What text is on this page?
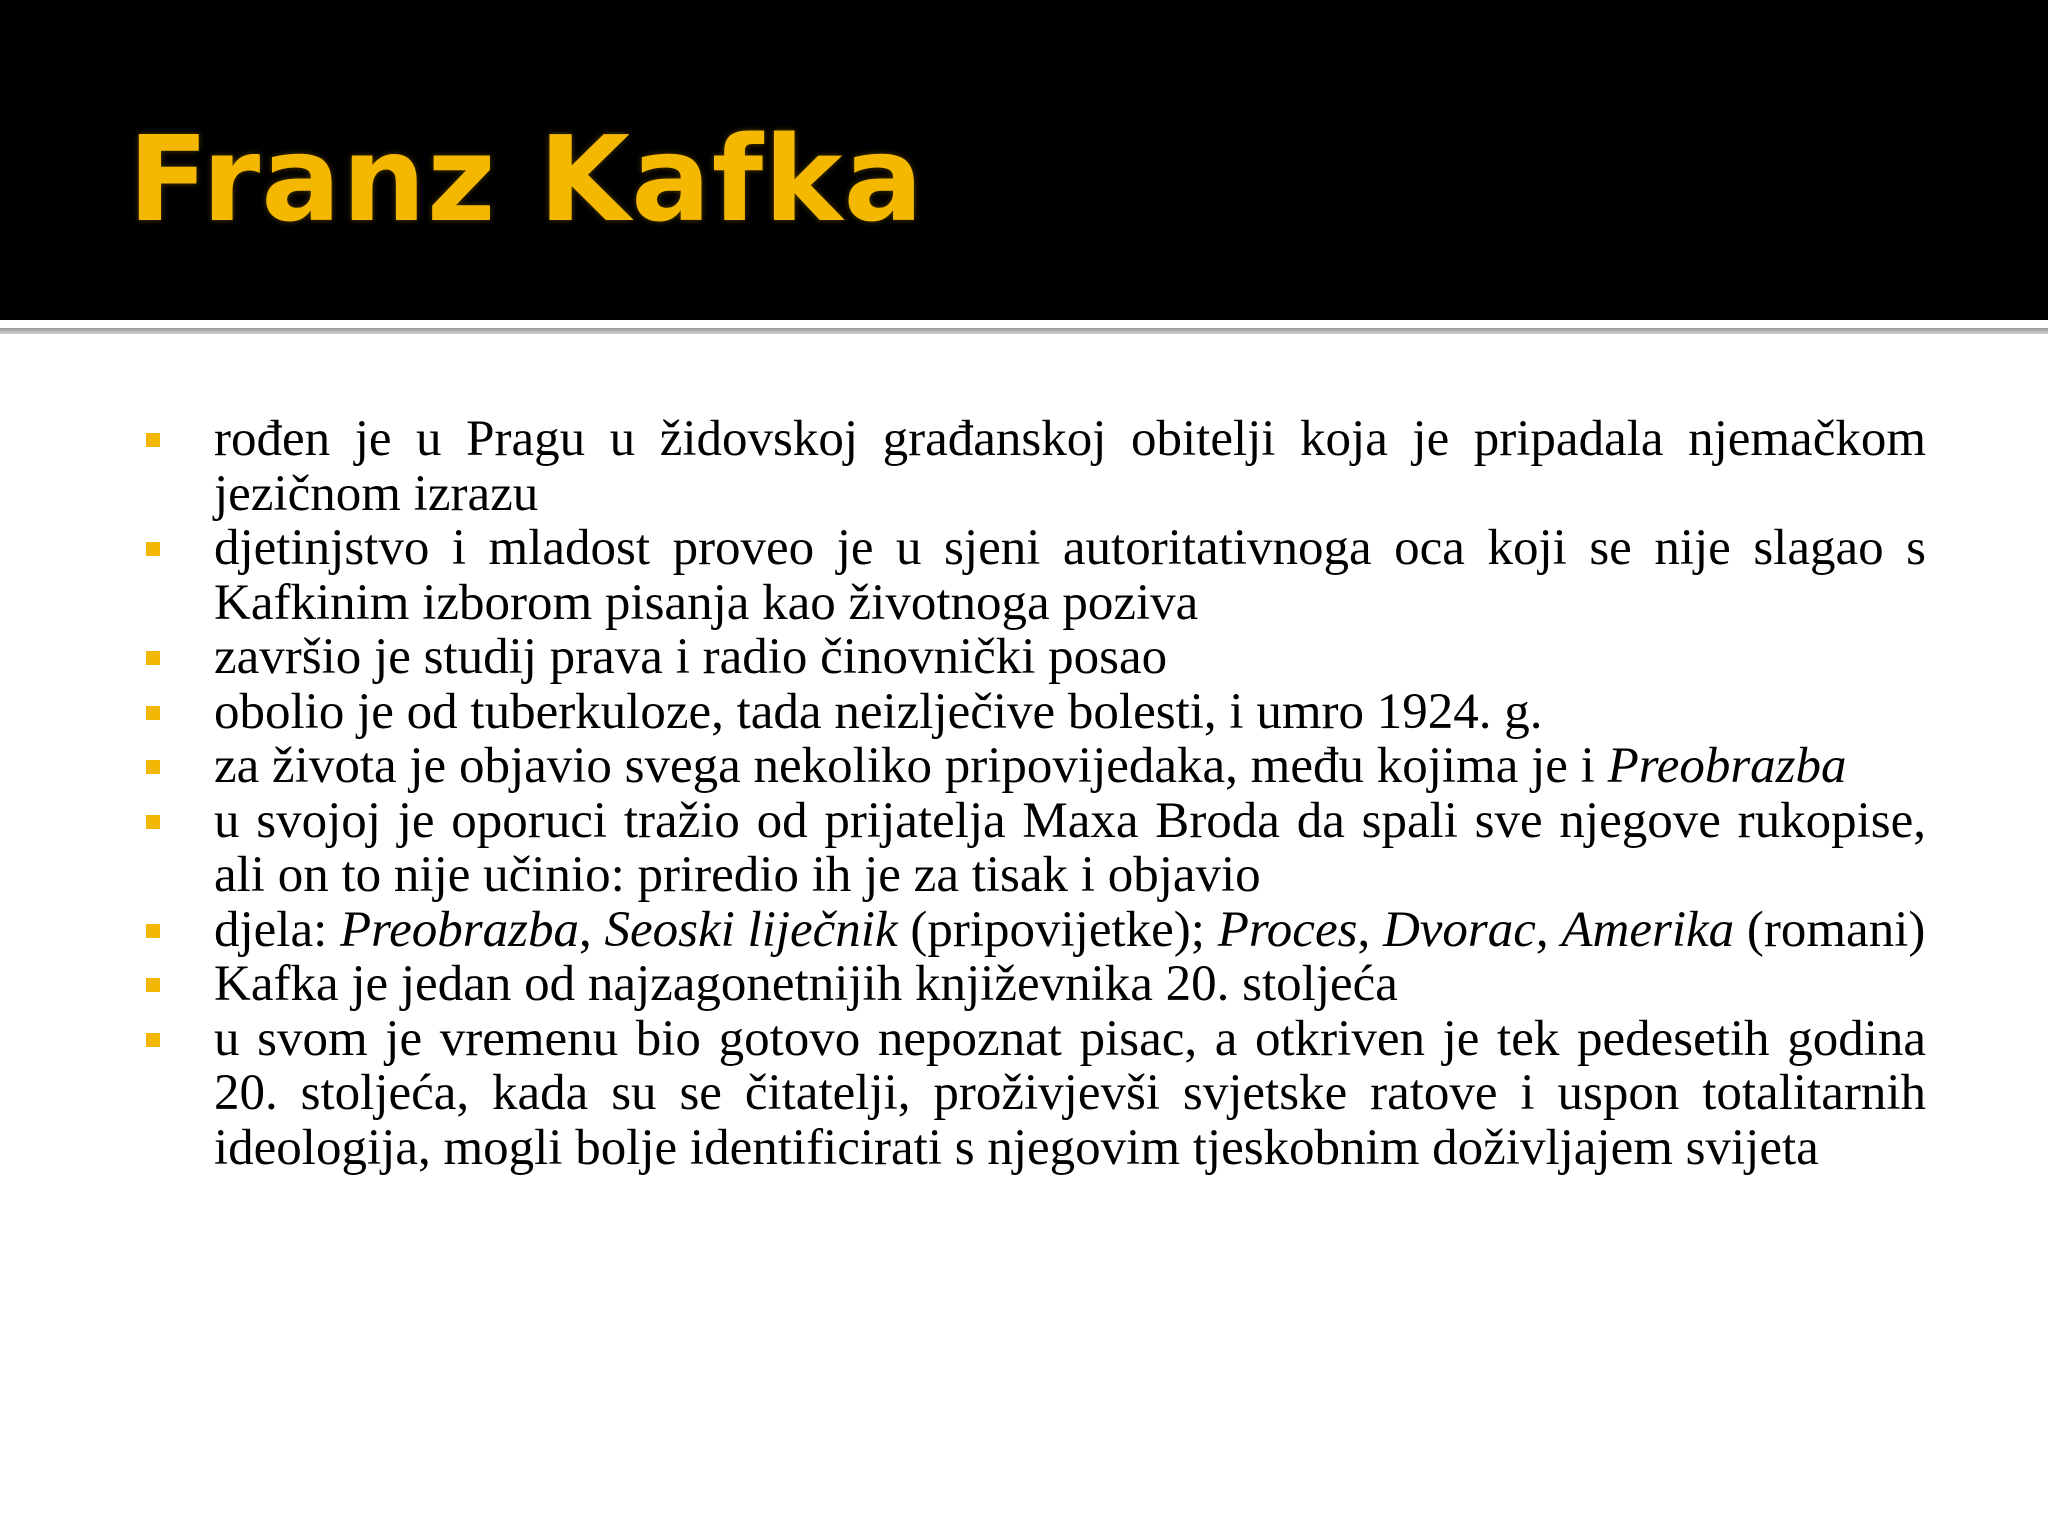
Franz Kafka
rođen je u Pragu u židovskoj građanskoj obitelji koja je pripadala njemačkom jezičnom izrazu
djetinjstvo i mladost proveo je u sjeni autoritativnoga oca koji se nije slagao s Kafkinim izborom pisanja kao životnoga poziva
završio je studij prava i radio činovnički posao
obolio je od tuberkuloze, tada neizlječive bolesti, i umro 1924. g.
za života je objavio svega nekoliko pripovijedaka, među kojima je i Preobrazba
u svojoj je oporuci tražio od prijatelja Maxa Broda da spali sve njegove rukopise, ali on to nije učinio: priredio ih je za tisak i objavio
djela: Preobrazba, Seoski liječnik (pripovijetke); Proces, Dvorac, Amerika (romani)
Kafka je jedan od najzagonetnijih književnika 20. stoljeća
u svom je vremenu bio gotovo nepoznat pisac, a otkriven je tek pedesetih godina 20. stoljeća, kada su se čitatelji, proživjevši svjetske ratove i uspon totalitarnih ideologija, mogli bolje identificirati s njegovim tjeskobnim doživljajem svijeta
